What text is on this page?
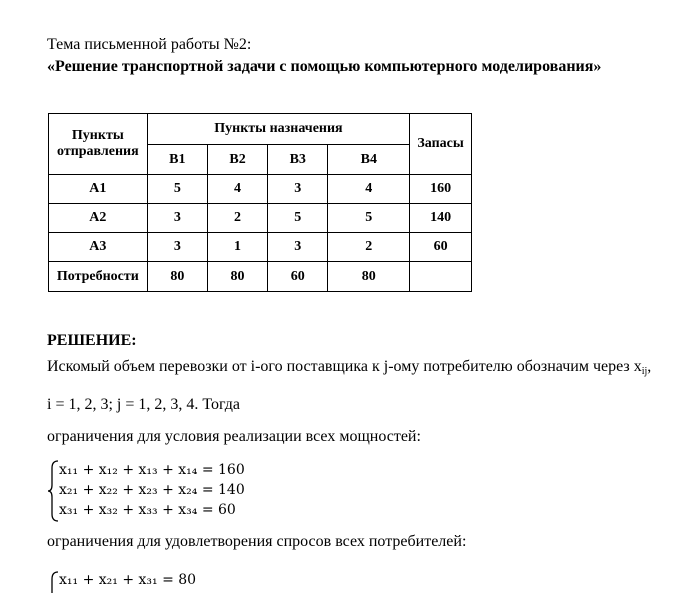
Тема письменной работы №2:

«Решение транспортной задачи с помощью компьютерного моделирования»

Пункты отправления	Пункты назначения				Запасы
	B1	B2	B3	B4	
A1	5	4	3	4	160
A2	3	2	5	5	140
A3	3	1	3	2	60
Потребности	80	80	60	80	

РЕШЕНИЕ:

Искомый объем перевозки от i-ого поставщика к j-ому потребителю обозначим через $x_{ij}$,

i = 1, 2, 3; j = 1, 2, 3, 4. Тогда

ограничения для условия реализации всех мощностей:

x₁₁ + x₁₂ + x₁₃ + x₁₄ = 160
x₂₁ + x₂₂ + x₂₃ + x₂₄ = 140
x₃₁ + x₃₂ + x₃₃ + x₃₄ = 60

ограничения для удовлетворения спросов всех потребителей:

x₁₁ + x₂₁ + x₃₁ = 80
